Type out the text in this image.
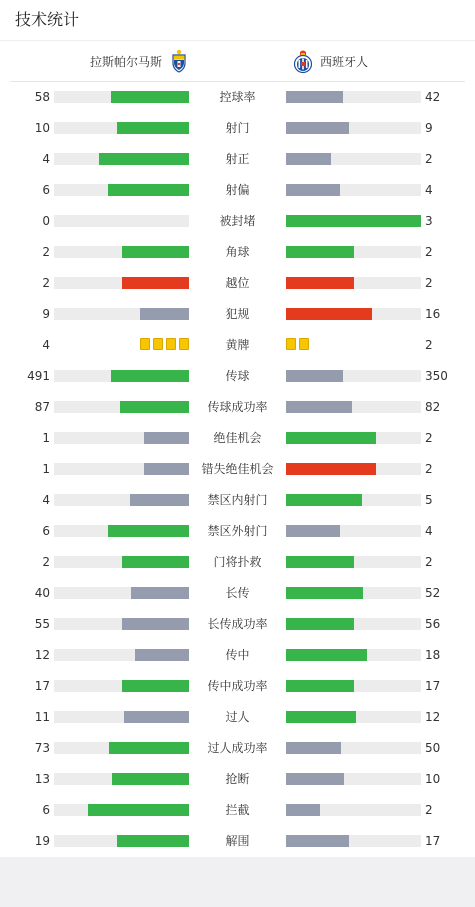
技术统计
拉斯帕尔马斯	西班牙人
58	控球率	42
10	射门	9
4	射正	2
6	射偏	4
0	被封堵	3
2	角球	2
2	越位	2
9	犯规	16
4	黄牌	2
491	传球	350
87	传球成功率	82
1	绝佳机会	2
1	错失绝佳机会	2
4	禁区内射门	5
6	禁区外射门	4
2	门将扑救	2
40	长传	52
55	长传成功率	56
12	传中	18
17	传中成功率	17
11	过人	12
73	过人成功率	50
13	抢断	10
6	拦截	2
19	解围	17
